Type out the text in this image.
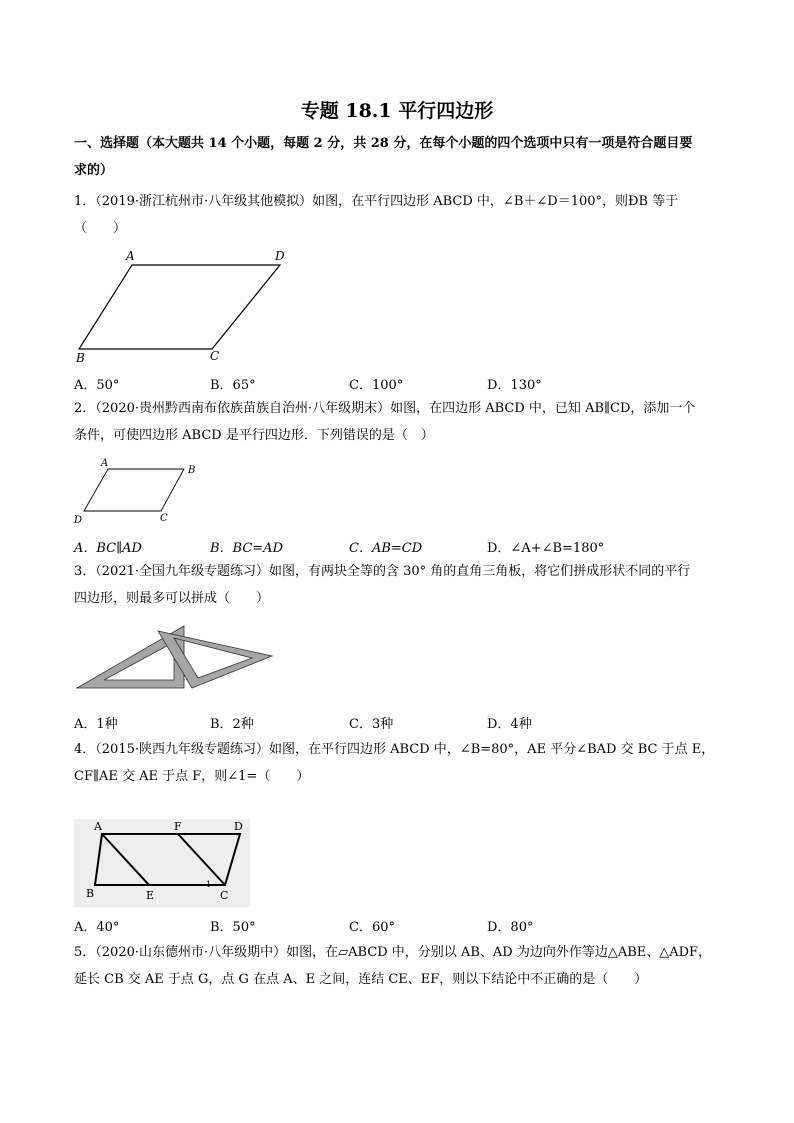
专题 18.1 平行四边形
一、选择题（本大题共 14 个小题，每题 2 分，共 28 分，在每个小题的四个选项中只有一项是符合题目要
求的）
1．（2019·浙江杭州市·八年级其他模拟）如图，在平行四边形 ABCD 中，∠B＋∠D＝100°，则ÐB 等于
（　　）
A	D
B	C
A．50°	B．65°	C．100°	D．130°
2．（2020·贵州黔西南布依族苗族自治州·八年级期末）如图，在四边形 ABCD 中，已知 AB∥CD，添加一个
条件，可使四边形 ABCD 是平行四边形．下列错误的是（　）
A
B
D	C
A．BC∥AD	B．BC=AD	C．AB=CD	D．∠A+∠B=180°
3．（2021·全国九年级专题练习）如图，有两块全等的含 30° 角的直角三角板，将它们拼成形状不同的平行
四边形，则最多可以拼成（　　）
A．1种	B．2种	C．3种	D．4种
4．（2015·陕西九年级专题练习）如图，在平行四边形 ABCD 中，∠B=80°，AE 平分∠BAD 交 BC 于点 E，
CF∥AE 交 AE 于点 F，则∠1=（　　）
A	F	D
B	E	C
1
A．40°	B．50°	C．60°	D．80°
5．（2020·山东德州市·八年级期中）如图，在▱ABCD 中，分别以 AB、AD 为边向外作等边△ABE、△ADF，
延长 CB 交 AE 于点 G，点 G 在点 A、E 之间，连结 CE、EF，则以下结论中不正确的是（　　）
